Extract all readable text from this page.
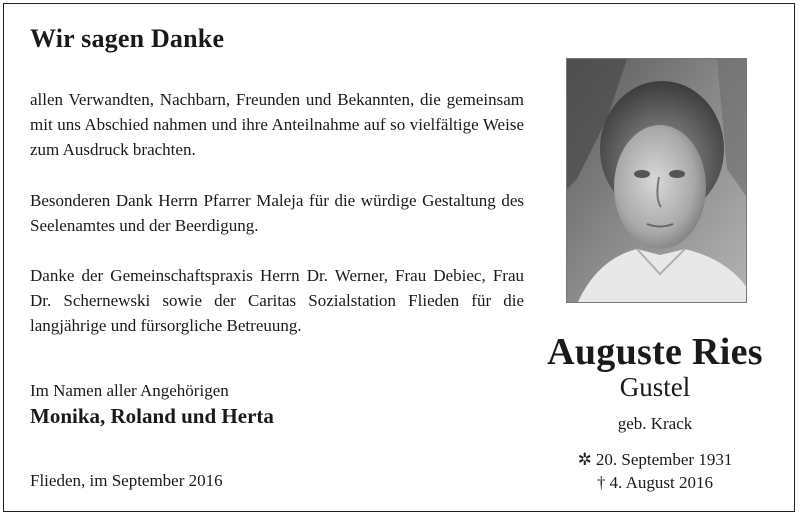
Wir sagen Danke
allen Verwandten, Nachbarn, Freunden und Bekannten, die gemeinsam mit uns Abschied nahmen und ihre Anteilnahme auf so vielfältige Weise zum Ausdruck brachten.
Besonderen Dank Herrn Pfarrer Maleja für die würdige Gestaltung des Seelenamtes und der Beerdigung.
Danke der Gemeinschaftspraxis Herrn Dr. Werner, Frau Debiec, Frau Dr. Schernewski sowie der Caritas Sozialstation Flieden für die langjährige und fürsorgliche Betreuung.
Im Namen aller Angehörigen
Monika, Roland und Herta
Flieden, im September 2016
Auguste Ries
Gustel
geb. Krack
✲ 20. September 1931
† 4. August 2016
